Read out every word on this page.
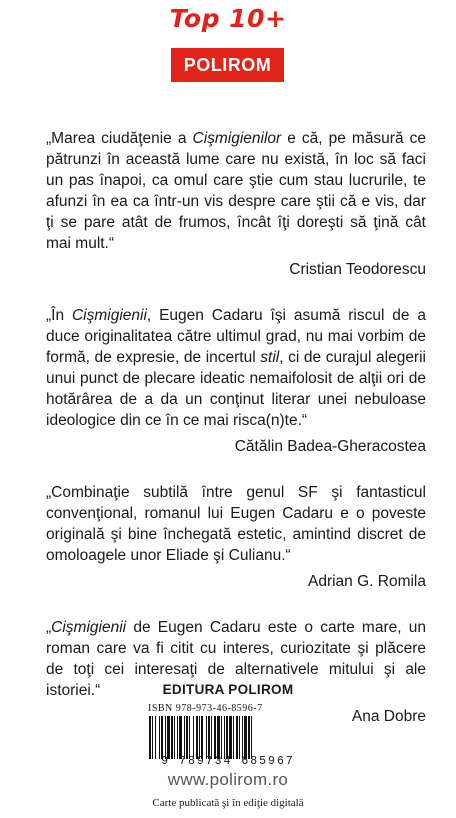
Top 10+
POLIROM

„Marea ciudăţenie a Cişmigienilor e că, pe măsură ce pătrunzi în această lume care nu există, în loc să faci un pas înapoi, ca omul care ştie cum stau lucrurile, te afunzi în ea ca într-un vis despre care ştii că e vis, dar ţi se pare atât de frumos, încât îţi doreşti să ţină cât mai mult.“

Cristian Teodorescu

„În Cişmigienii, Eugen Cadaru îşi asumă riscul de a duce originalitatea către ultimul grad, nu mai vorbim de formă, de expresie, de incertul stil, ci de curajul alegerii unui punct de plecare ideatic nemaifolosit de alţii ori de hotărârea de a da un conţinut literar unei nebuloase ideologice din ce în ce mai risca(n)te.“

Cătălin Badea-Gheracostea

„Combinaţie subtilă între genul SF şi fantasticul convenţional, romanul lui Eugen Cadaru e o poveste originală şi bine închegată estetic, amintind discret de omoloagele unor Eliade şi Culianu.“

Adrian G. Romila

„Cişmigienii de Eugen Cadaru este o carte mare, un roman care va fi citit cu interes, curiozitate şi plăcere de toţi cei interesaţi de alternativele mitului şi ale istoriei.“

Ana Dobre
EDITURA POLIROM
ISBN 978-973-46-8596-7
9 789734 685967
www.polirom.ro
Carte publicată şi în ediţie digitală
